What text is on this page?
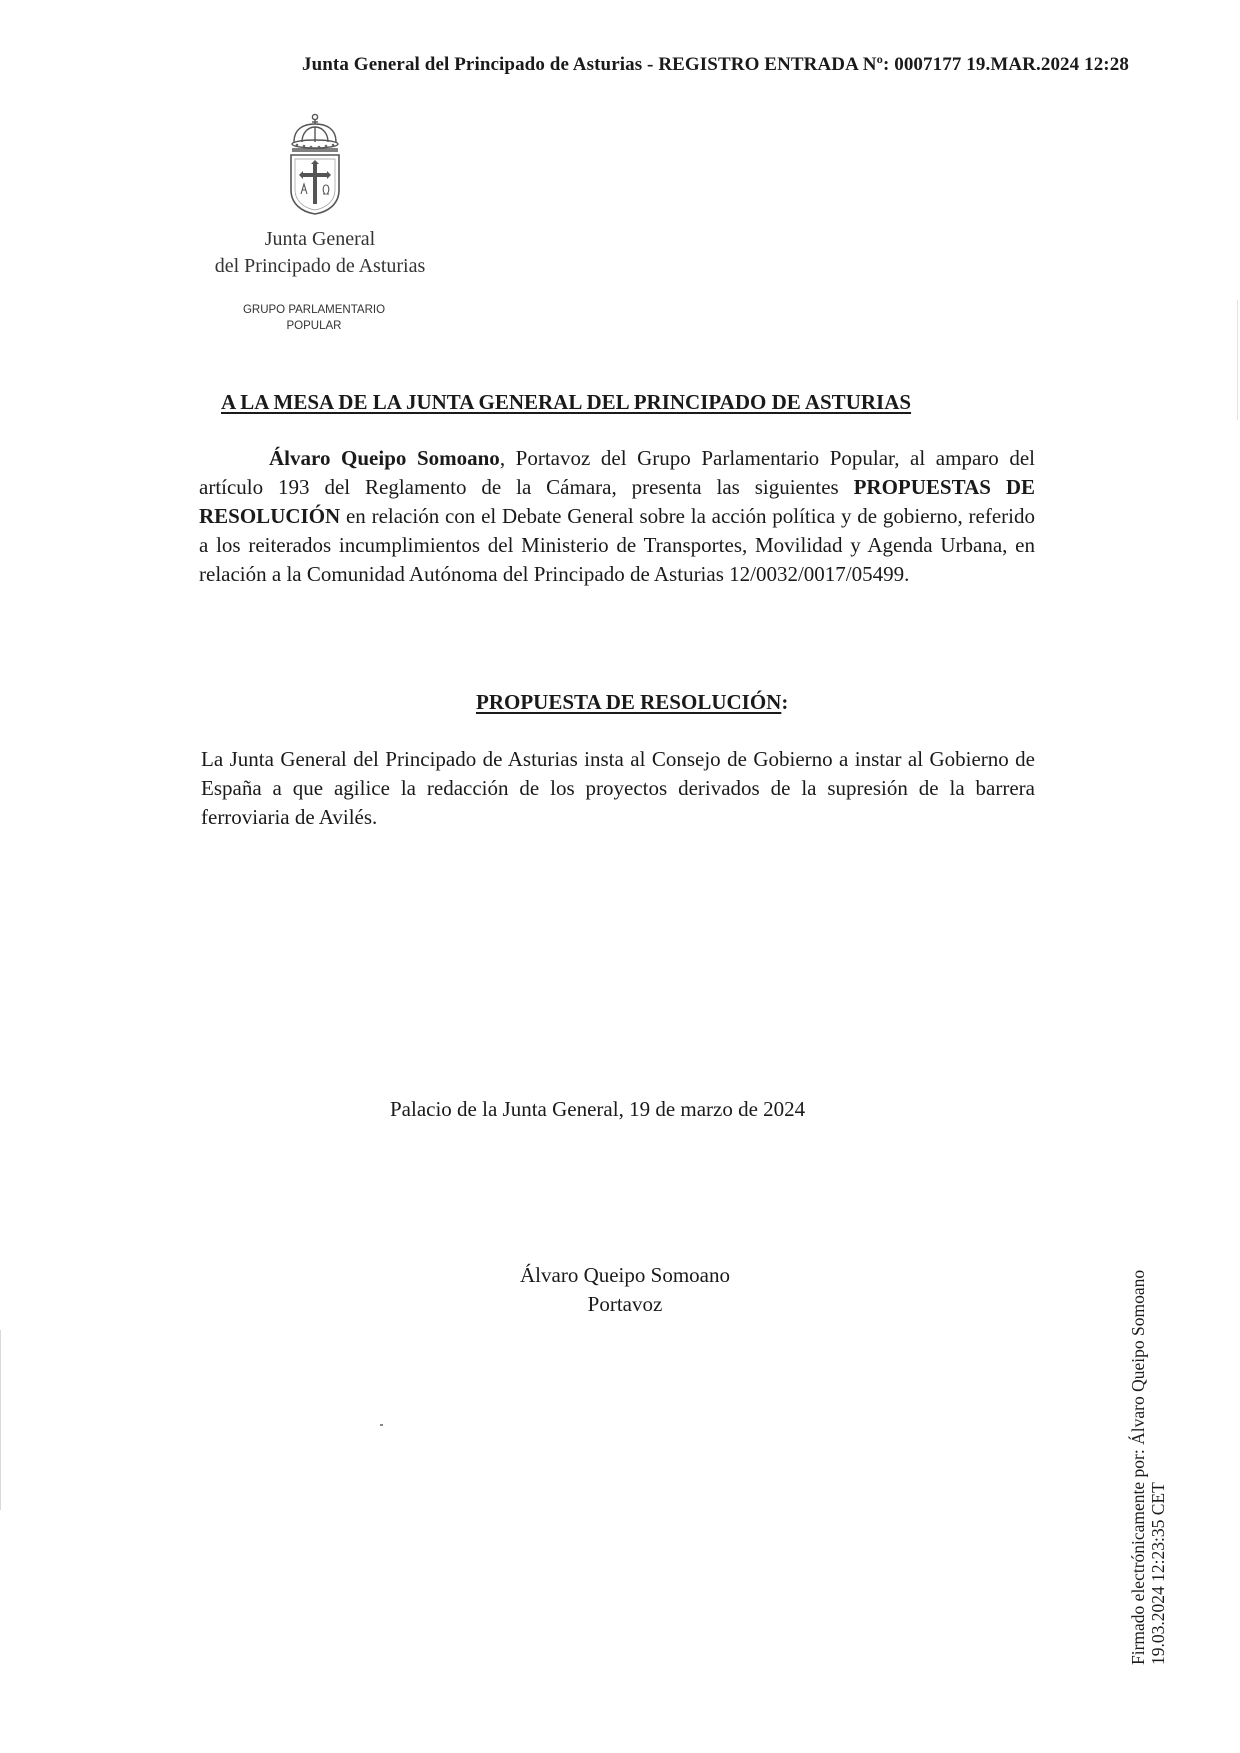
Junta General del Principado de Asturias - REGISTRO ENTRADA Nº: 0007177 19.MAR.2024 12:28
Junta General
del Principado de Asturias
GRUPO PARLAMENTARIO
POPULAR
A LA MESA DE LA JUNTA GENERAL DEL PRINCIPADO DE ASTURIAS
Álvaro Queipo Somoano, Portavoz del Grupo Parlamentario Popular, al amparo del artículo 193 del Reglamento de la Cámara, presenta las siguientes PROPUESTAS DE RESOLUCIÓN en relación con el Debate General sobre la acción política y de gobierno, referido a los reiterados incumplimientos del Ministerio de Transportes, Movilidad y Agenda Urbana, en relación a la Comunidad Autónoma del Principado de Asturias 12/0032/0017/05499.
PROPUESTA DE RESOLUCIÓN:
La Junta General del Principado de Asturias insta al Consejo de Gobierno a instar al Gobierno de España a que agilice la redacción de los proyectos derivados de la supresión de la barrera ferroviaria de Avilés.
Palacio de la Junta General, 19 de marzo de 2024
Álvaro Queipo Somoano
Portavoz	Firmado electrónicamente por: Álvaro Queipo Somoano 19.03.2024 12:23:35 CET
